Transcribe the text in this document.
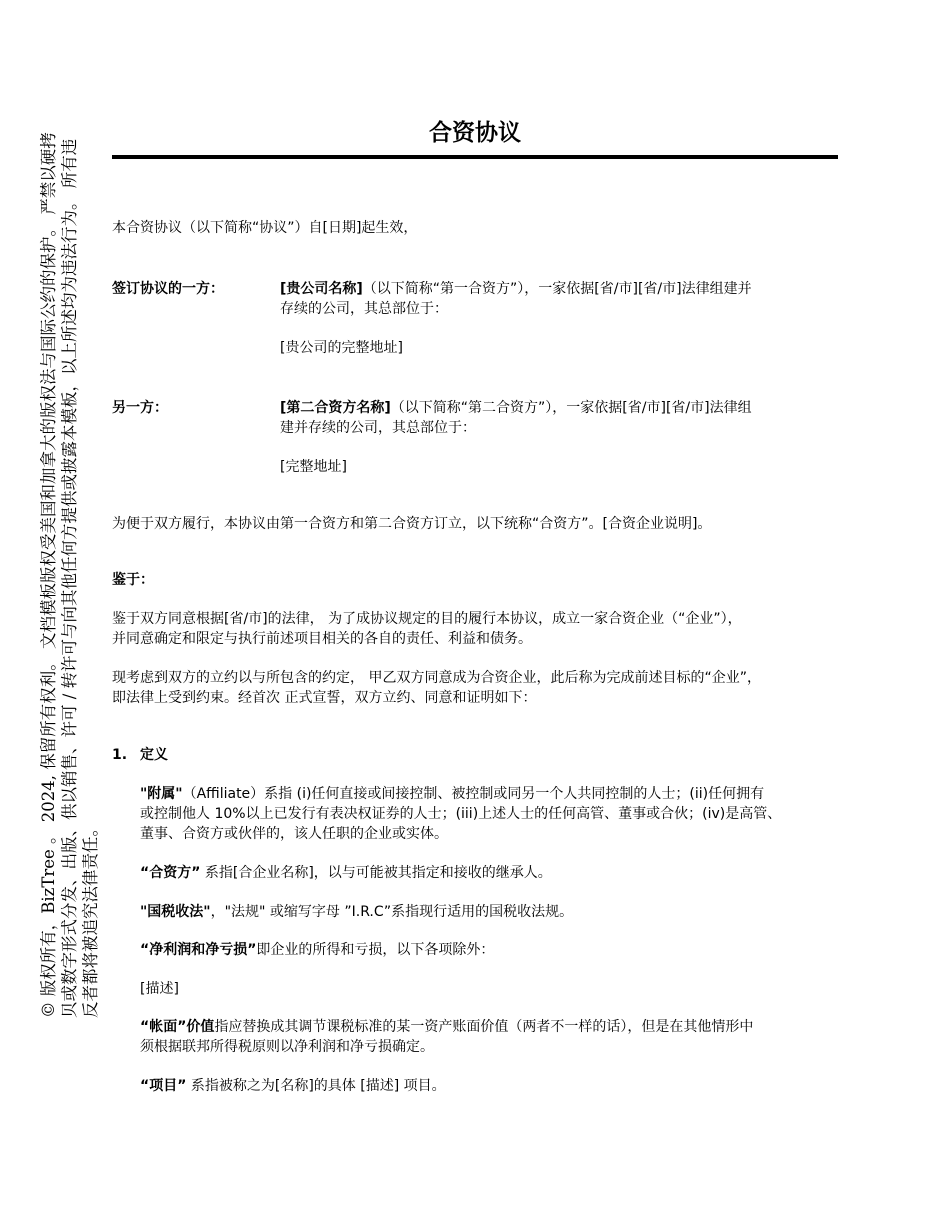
© 版权所有，BizTree 。 2024, 保留所有权利。 文档模板版权受美国和加拿大的版权法与国际公约的保护。 严禁以硬拷 贝或数字形式分发、出版、供以销售、许可 / 转许可与向其他任何方提供或披露本模板，以上所述均为违法行为。 所有违 反者都将被追究法律责任。
合资协议
本合资协议（以下简称“协议”）自[日期]起生效，
签订协议的一方：	[贵公司名称]（以下简称“第一合资方”），一家依据[省/市][省/市]法律组建并
存续的公司，其总部位于：
[贵公司的完整地址]
另一方：	[第二合资方名称]（以下简称“第二合资方”），一家依据[省/市][省/市]法律组
建并存续的公司，其总部位于：
[完整地址]
为便于双方履行，本协议由第一合资方和第二合资方订立，以下统称“合资方”。[合资企业说明]。
鉴于：
鉴于双方同意根据[省/市]的法律， 为了成协议规定的目的履行本协议，成立一家合资企业（“企业”），
并同意确定和限定与执行前述项目相关的各自的责任、利益和债务。
现考虑到双方的立约以与所包含的约定， 甲乙双方同意成为合资企业，此后称为完成前述目标的“企业”，
即法律上受到约束。经首次 正式宣誓，双方立约、同意和证明如下：
1. 定义
"附属"（Affiliate）系指 (i)任何直接或间接控制、被控制或同另一个人共同控制的人士；(ii)任何拥有
或控制他人 10%以上已发行有表决权证券的人士；(iii)上述人士的任何高管、董事或合伙；(iv)是高管、
董事、合资方或伙伴的，该人任职的企业或实体。
“合资方” 系指[合企业名称]，以与可能被其指定和接收的继承人。
"国税收法"，"法规" 或缩写字母 ”I.R.C”系指现行适用的国税收法规。
“净利润和净亏损”即企业的所得和亏损，以下各项除外：
[描述]
“帐面”价值指应替换成其调节课税标准的某一资产账面价值（两者不一样的话），但是在其他情形中
须根据联邦所得税原则以净利润和净亏损确定。
“项目” 系指被称之为[名称]的具体 [描述] 项目。
